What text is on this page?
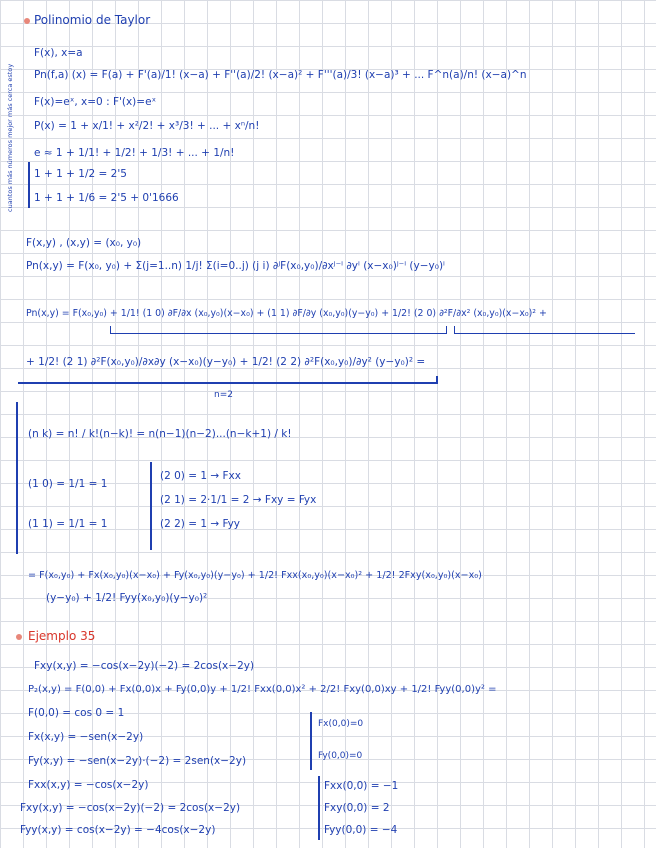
Polinomio de Taylor
F(x), x=a
Pn(f,a) (x) = F(a) + F'(a)/1! (x−a) + F''(a)/2! (x−a)² + F'''(a)/3! (x−a)³ + ... F^n(a)/n! (x−a)^n
F(x)=eˣ, x=0 : F'(x)=eˣ
P(x) = 1 + x/1! + x²/2! + x³/3! + ... + xⁿ/n!
e ≈ 1 + 1/1! + 1/2! + 1/3! + ... + 1/n!
1 + 1 + 1/2 = 2'5
1 + 1 + 1/6 = 2'5 + 0'1666
cuantos más números mejor más cerca estoy
F(x,y) , (x,y) = (x₀, y₀)
Pn(x,y) = F(x₀, y₀) + Σ(j=1..n) 1/j! Σ(i=0..j) (j i) ∂ʲF(x₀,y₀)/∂xʲ⁻ⁱ ∂yⁱ (x−x₀)ʲ⁻ⁱ (y−y₀)ⁱ
Pn(x,y) = F(x₀,y₀) + 1/1! (1 0) ∂F/∂x (x₀,y₀)(x−x₀) + (1 1) ∂F/∂y (x₀,y₀)(y−y₀) + 1/2! (2 0) ∂²F/∂x² (x₀,y₀)(x−x₀)² +
+ 1/2! (2 1) ∂²F(x₀,y₀)/∂x∂y (x−x₀)(y−y₀) + 1/2! (2 2) ∂²F(x₀,y₀)/∂y² (y−y₀)² =
n=2
(n k) = n! / k!(n−k)! = n(n−1)(n−2)...(n−k+1) / k!
(1 0) = 1/1 = 1
(1 1) = 1/1 = 1
(2 0) = 1 → Fxx
(2 1) = 2·1/1 = 2 → Fxy = Fyx
(2 2) = 1 → Fyy
= F(x₀,y₀) + Fx(x₀,y₀)(x−x₀) + Fy(x₀,y₀)(y−y₀) + 1/2! Fxx(x₀,y₀)(x−x₀)² + 1/2! 2Fxy(x₀,y₀)(x−x₀)
(y−y₀) + 1/2! Fyy(x₀,y₀)(y−y₀)²
Ejemplo 35
Fxy(x,y) = −cos(x−2y)(−2) = 2cos(x−2y)
P₂(x,y) = F(0,0) + Fx(0,0)x + Fy(0,0)y + 1/2! Fxx(0,0)x² + 2/2! Fxy(0,0)xy + 1/2! Fyy(0,0)y² =
F(0,0) = cos 0 = 1
Fx(x,y) = −sen(x−2y)
Fy(x,y) = −sen(x−2y)·(−2) = 2sen(x−2y)
Fxx(x,y) = −cos(x−2y)
Fxy(x,y) = −cos(x−2y)(−2) = 2cos(x−2y)
Fyy(x,y) = cos(x−2y) = −4cos(x−2y)
Fx(0,0)=0
Fy(0,0)=0
Fxx(0,0) = −1
Fxy(0,0) = 2
Fyy(0,0) = −4
